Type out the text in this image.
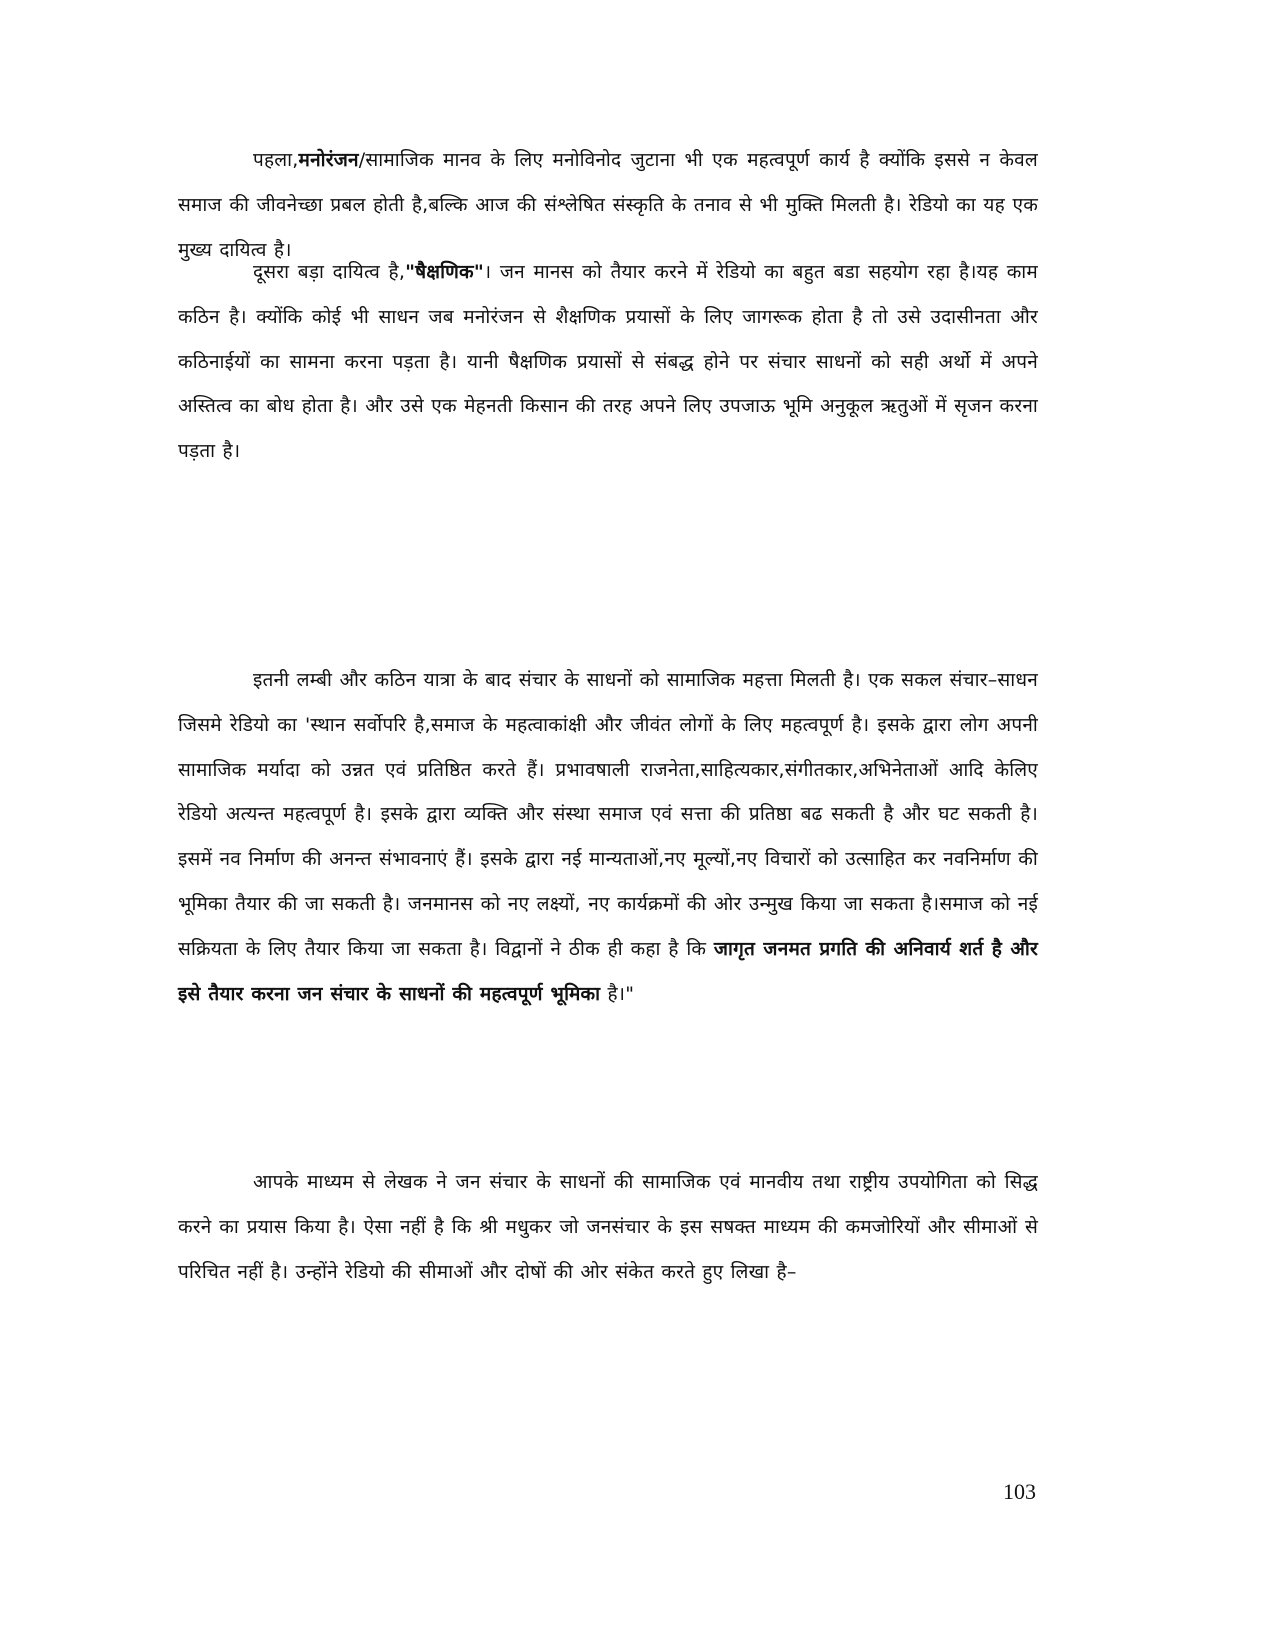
पहला,मनोरंजन/सामाजिक मानव के लिए मनोविनोद जुटाना भी एक महत्वपूर्ण कार्य है क्योंकि इससे न केवल समाज की जीवनेच्छा प्रबल होती है,बल्कि आज की संश्लेषित संस्कृति के तनाव से भी मुक्ति मिलती है। रेडियो का यह एक मुख्य दायित्व है।

दूसरा बड़ा दायित्व है,"षैक्षणिक"। जन मानस को तैयार करने में रेडियो का बहुत बडा सहयोग रहा है।यह काम कठिन है। क्योंकि कोई भी साधन जब मनोरंजन से शैक्षणिक प्रयासों के लिए जागरूक होता है तो उसे उदासीनता और कठिनाईयों का सामना करना पड़ता है। यानी षैक्षणिक प्रयासों से संबद्ध होने पर संचार साधनों को सही अर्थो में अपने अस्तित्व का बोध होता है। और उसे एक मेहनती किसान की तरह अपने लिए उपजाऊ भूमि अनुकूल ऋतुओं में सृजन करना पड़ता है।

इतनी लम्बी और कठिन यात्रा के बाद संचार के साधनों को सामाजिक महत्ता मिलती है। एक सकल संचार–साधन जिसमे रेडियो का 'स्थान सर्वोपरि है,समाज के महत्वाकांक्षी और जीवंत लोगों के लिए महत्वपूर्ण है। इसके द्वारा लोग अपनी सामाजिक मर्यादा को उन्नत एवं प्रतिष्ठित करते हैं। प्रभावषाली राजनेता,साहित्यकार,संगीतकार,अभिनेताओं आदि केलिए रेडियो अत्यन्त महत्वपूर्ण है। इसके द्वारा व्यक्ति और संस्था समाज एवं सत्ता की प्रतिष्ठा बढ सकती है और घट सकती है।इसमें नव निर्माण की अनन्त संभावनाएं हैं। इसके द्वारा नई मान्यताओं,नए मूल्यों,नए विचारों को उत्साहित कर नवनिर्माण की भूमिका तैयार की जा सकती है। जनमानस को नए लक्ष्यों, नए कार्यक्रमों की ओर उन्मुख किया जा सकता है।समाज को नई सक्रियता के लिए तैयार किया जा सकता है। विद्वानों ने ठीक ही कहा है कि जागृत जनमत प्रगति की अनिवार्य शर्त है और इसे तैयार करना जन संचार के साधनों की महत्वपूर्ण भूमिका है।"

आपके माध्यम से लेखक ने जन संचार के साधनों की सामाजिक एवं मानवीय तथा राष्ट्रीय उपयोगिता को सिद्ध करने का प्रयास किया है। ऐसा नहीं है कि श्री मधुकर जो जनसंचार के इस सषक्त माध्यम की कमजोरियों और सीमाओं से परिचित नहीं है। उन्होंने रेडियो की सीमाओं और दोषों की ओर संकेत करते हुए लिखा है–

103
